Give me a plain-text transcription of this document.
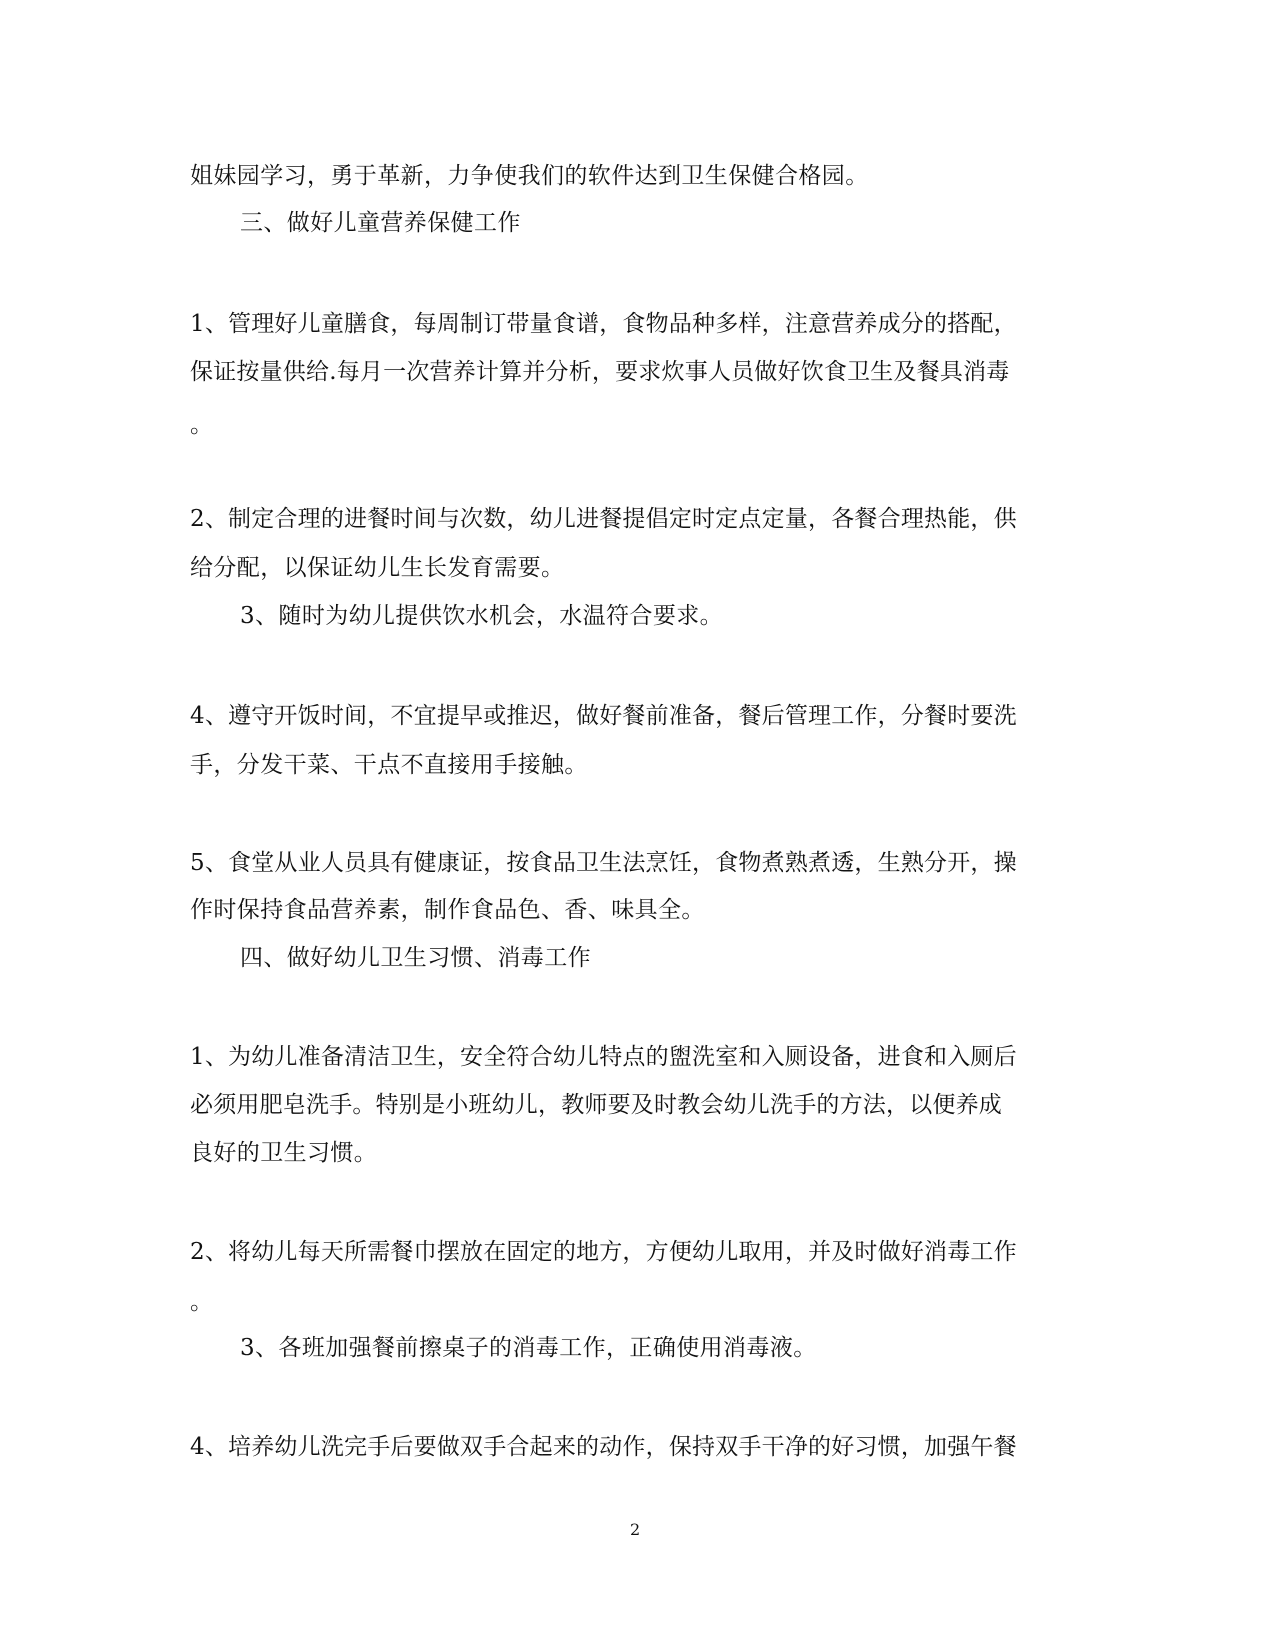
姐妹园学习，勇于革新，力争使我们的软件达到卫生保健合格园。
三、做好儿童营养保健工作
1、管理好儿童膳食，每周制订带量食谱，食物品种多样，注意营养成分的搭配，
保证按量供给.每月一次营养计算并分析，要求炊事人员做好饮食卫生及餐具消毒
。
2、制定合理的进餐时间与次数，幼儿进餐提倡定时定点定量，各餐合理热能，供
给分配，以保证幼儿生长发育需要。
3、随时为幼儿提供饮水机会，水温符合要求。
4、遵守开饭时间，不宜提早或推迟，做好餐前准备，餐后管理工作，分餐时要洗
手，分发干菜、干点不直接用手接触。
5、食堂从业人员具有健康证，按食品卫生法烹饪，食物煮熟煮透，生熟分开，操
作时保持食品营养素，制作食品色、香、味具全。
四、做好幼儿卫生习惯、消毒工作
1、为幼儿准备清洁卫生，安全符合幼儿特点的盥洗室和入厕设备，进食和入厕后
必须用肥皂洗手。特别是小班幼儿，教师要及时教会幼儿洗手的方法，以便养成
良好的卫生习惯。
2、将幼儿每天所需餐巾摆放在固定的地方，方便幼儿取用，并及时做好消毒工作
。
3、各班加强餐前擦桌子的消毒工作，正确使用消毒液。
4、培养幼儿洗完手后要做双手合起来的动作，保持双手干净的好习惯，加强午餐
2
